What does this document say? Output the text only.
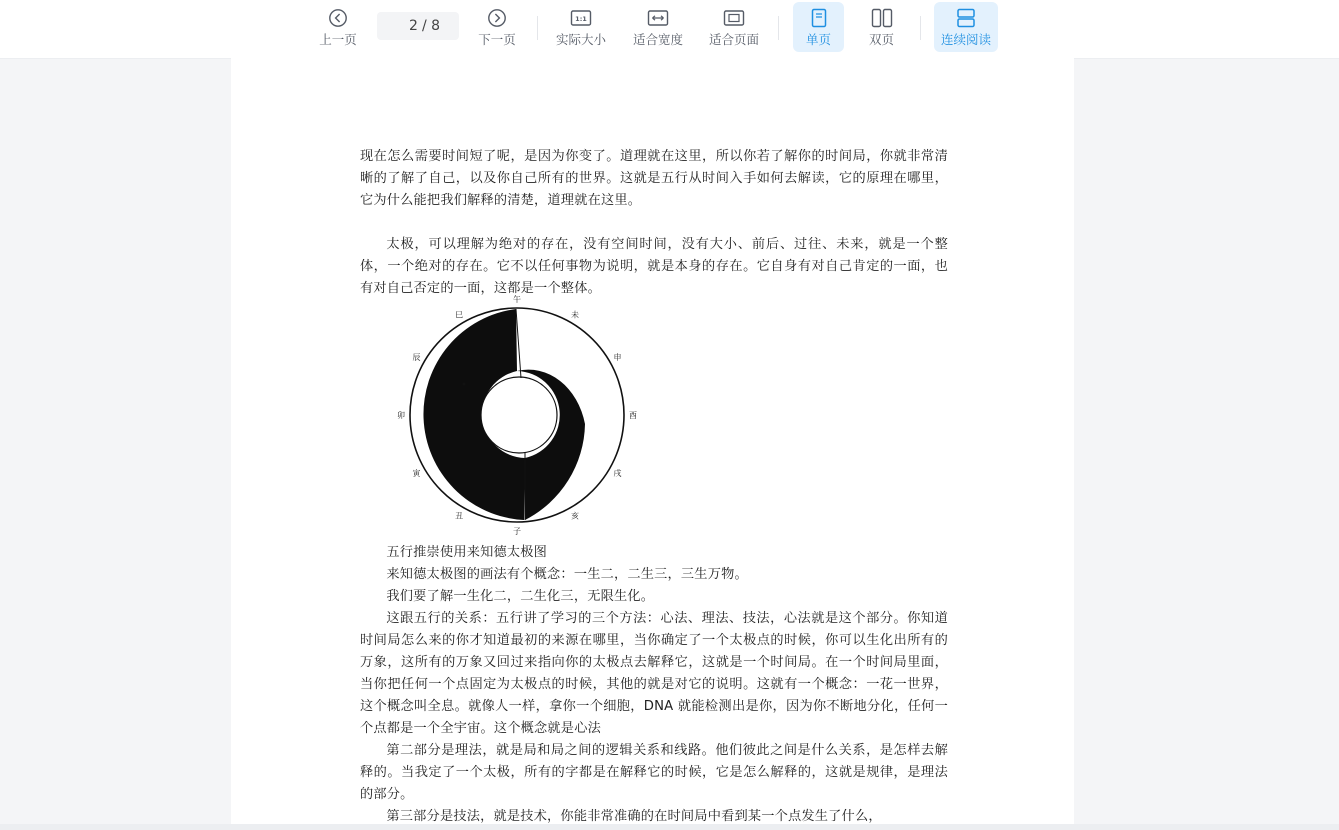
上一页
2
/ 8
下一页
1:1
实际大小 适合宽度 适合页面	单页	双页	连续阅读

现在怎么需要时间短了呢，是因为你变了。道理就在这里，所以你若了解你的时间局，你就非常清晰的了解了自己，以及你自己所有的世界。这就是五行从时间入手如何去解读，它的原理在哪里，它为什么能把我们解释的清楚，道理就在这里。

太极，可以理解为绝对的存在，没有空间时间，没有大小、前后、过往、未来，就是一个整体，一个绝对的存在。它不以任何事物为说明，就是本身的存在。它自身有对自己肯定的一面，也有对自己否定的一面，这都是一个整体。

午
未
申
酉
戌
亥
子
丑
寅
卯
辰
巳

五行推崇使用来知德太极图

来知德太极图的画法有个概念：一生二，二生三，三生万物。

我们要了解一生化二，二生化三，无限生化。

这跟五行的关系：五行讲了学习的三个方法：心法、理法、技法，心法就是这个部分。你知道时间局怎么来的你才知道最初的来源在哪里，当你确定了一个太极点的时候，你可以生化出所有的万象，这所有的万象又回过来指向你的太极点去解释它，这就是一个时间局。在一个时间局里面，当你把任何一个点固定为太极点的时候，其他的就是对它的说明。这就有一个概念：一花一世界，这个概念叫全息。就像人一样，拿你一个细胞，DNA 就能检测出是你，因为你不断地分化，任何一个点都是一个全宇宙。这个概念就是心法

第二部分是理法，就是局和局之间的逻辑关系和线路。他们彼此之间是什么关系，是怎样去解释的。当我定了一个太极，所有的字都是在解释它的时候，它是怎么解释的，这就是规律，是理法的部分。

第三部分是技法，就是技术，你能非常准确的在时间局中看到某一个点发生了什么，
